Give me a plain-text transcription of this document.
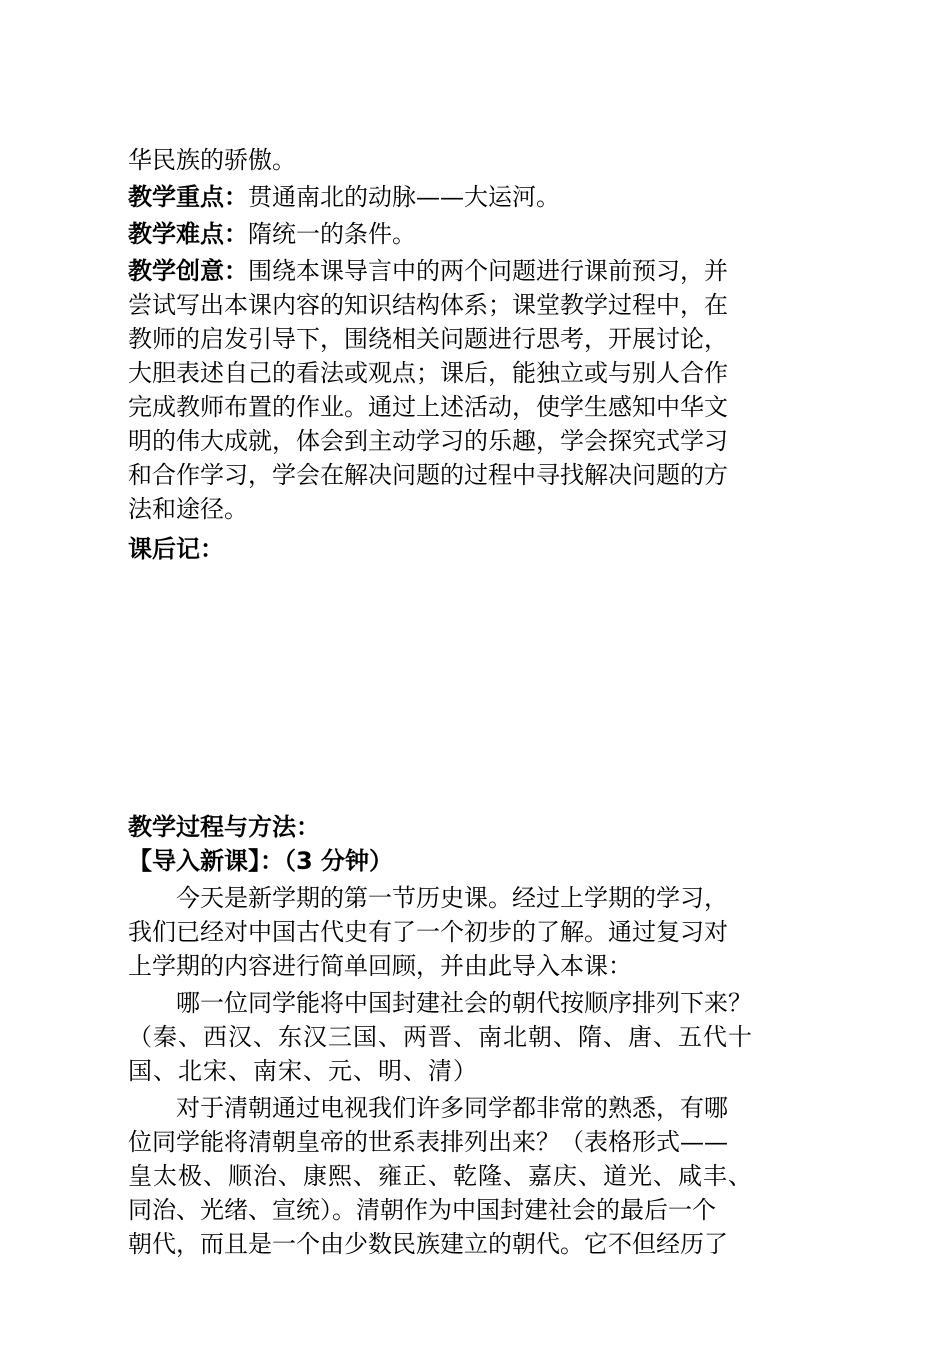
华民族的骄傲。
教学重点：贯通南北的动脉——大运河。
教学难点：隋统一的条件。
教学创意：围绕本课导言中的两个问题进行课前预习，并
尝试写出本课内容的知识结构体系；课堂教学过程中，在
教师的启发引导下，围绕相关问题进行思考，开展讨论，
大胆表述自己的看法或观点；课后，能独立或与别人合作
完成教师布置的作业。通过上述活动，使学生感知中华文
明的伟大成就，体会到主动学习的乐趣，学会探究式学习
和合作学习，学会在解决问题的过程中寻找解决问题的方
法和途径。
课后记：
教学过程与方法：
【导入新课】：（3 分钟）
今天是新学期的第一节历史课。经过上学期的学习，
我们已经对中国古代史有了一个初步的了解。通过复习对
上学期的内容进行简单回顾，并由此导入本课：
哪一位同学能将中国封建社会的朝代按顺序排列下来？
（秦、西汉、东汉三国、两晋、南北朝、隋、唐、五代十
国、北宋、南宋、元、明、清）
对于清朝通过电视我们许多同学都非常的熟悉，有哪
位同学能将清朝皇帝的世系表排列出来？（表格形式——
皇太极、顺治、康熙、雍正、乾隆、嘉庆、道光、咸丰、
同治、光绪、宣统）。清朝作为中国封建社会的最后一个
朝代，而且是一个由少数民族建立的朝代。它不但经历了
